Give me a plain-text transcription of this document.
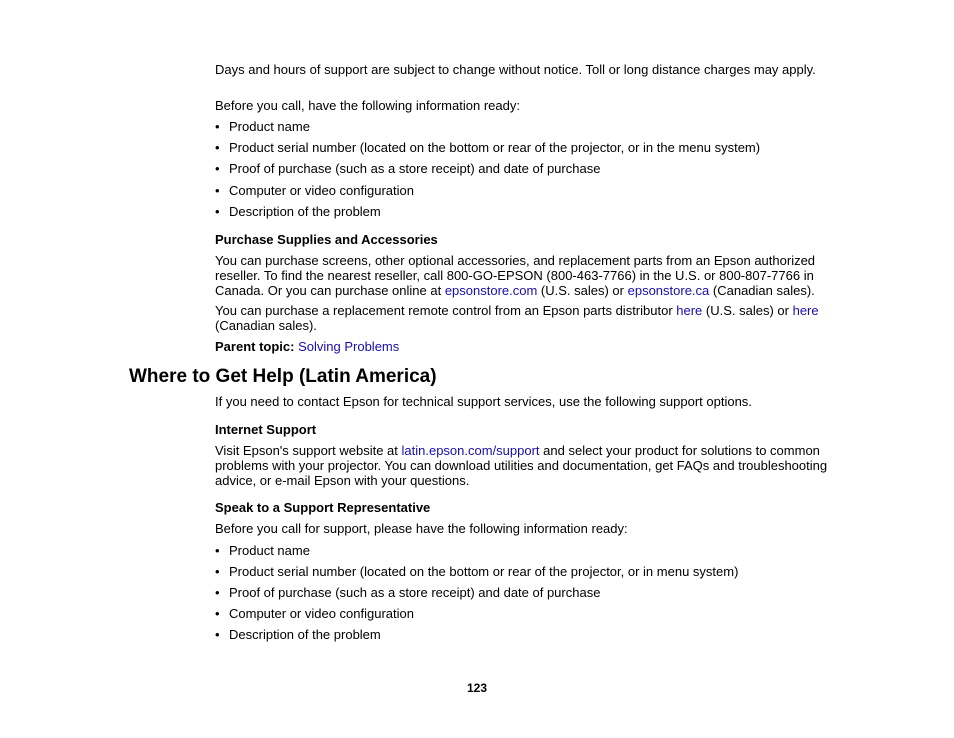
Days and hours of support are subject to change without notice. Toll or long distance charges may apply.

Before you call, have the following information ready:

• Product name
• Product serial number (located on the bottom or rear of the projector, or in the menu system)
• Proof of purchase (such as a store receipt) and date of purchase
• Computer or video configuration
• Description of the problem

Purchase Supplies and Accessories

You can purchase screens, other optional accessories, and replacement parts from an Epson authorized reseller. To find the nearest reseller, call 800-GO-EPSON (800-463-7766) in the U.S. or 800-807-7766 in Canada. Or you can purchase online at epsonstore.com (U.S. sales) or epsonstore.ca (Canadian sales).

You can purchase a replacement remote control from an Epson parts distributor here (U.S. sales) or here (Canadian sales).

Parent topic: Solving Problems

Where to Get Help (Latin America)

If you need to contact Epson for technical support services, use the following support options.

Internet Support

Visit Epson's support website at latin.epson.com/support and select your product for solutions to common problems with your projector. You can download utilities and documentation, get FAQs and troubleshooting advice, or e-mail Epson with your questions.

Speak to a Support Representative

Before you call for support, please have the following information ready:

• Product name
• Product serial number (located on the bottom or rear of the projector, or in menu system)
• Proof of purchase (such as a store receipt) and date of purchase
• Computer or video configuration
• Description of the problem
123
